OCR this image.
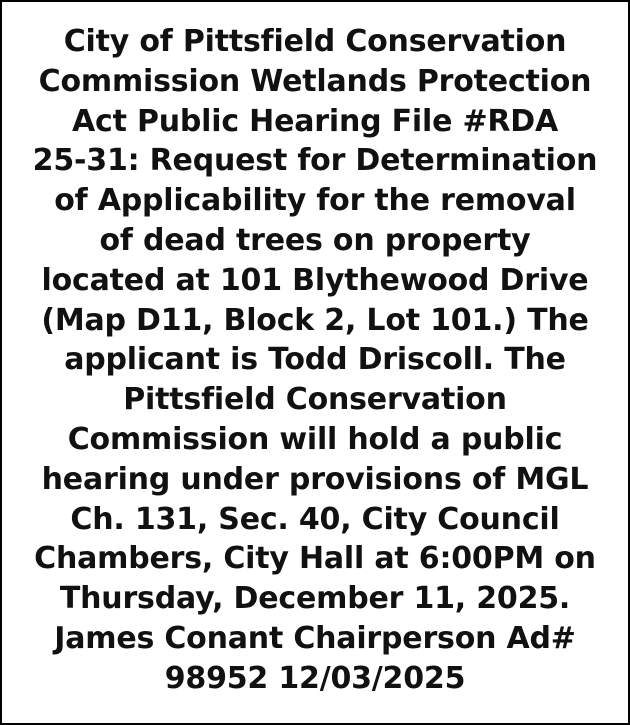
City of Pittsfield Conservation
Commission Wetlands Protection
Act Public Hearing File #RDA
25-31: Request for Determination
of Applicability for the removal
of dead trees on property
located at 101 Blythewood Drive
(Map D11, Block 2, Lot 101.) The
applicant is Todd Driscoll. The
Pittsfield Conservation
Commission will hold a public
hearing under provisions of MGL
Ch. 131, Sec. 40, City Council
Chambers, City Hall at 6:00PM on
Thursday, December 11, 2025.
James Conant Chairperson Ad#
98952 12/03/2025
